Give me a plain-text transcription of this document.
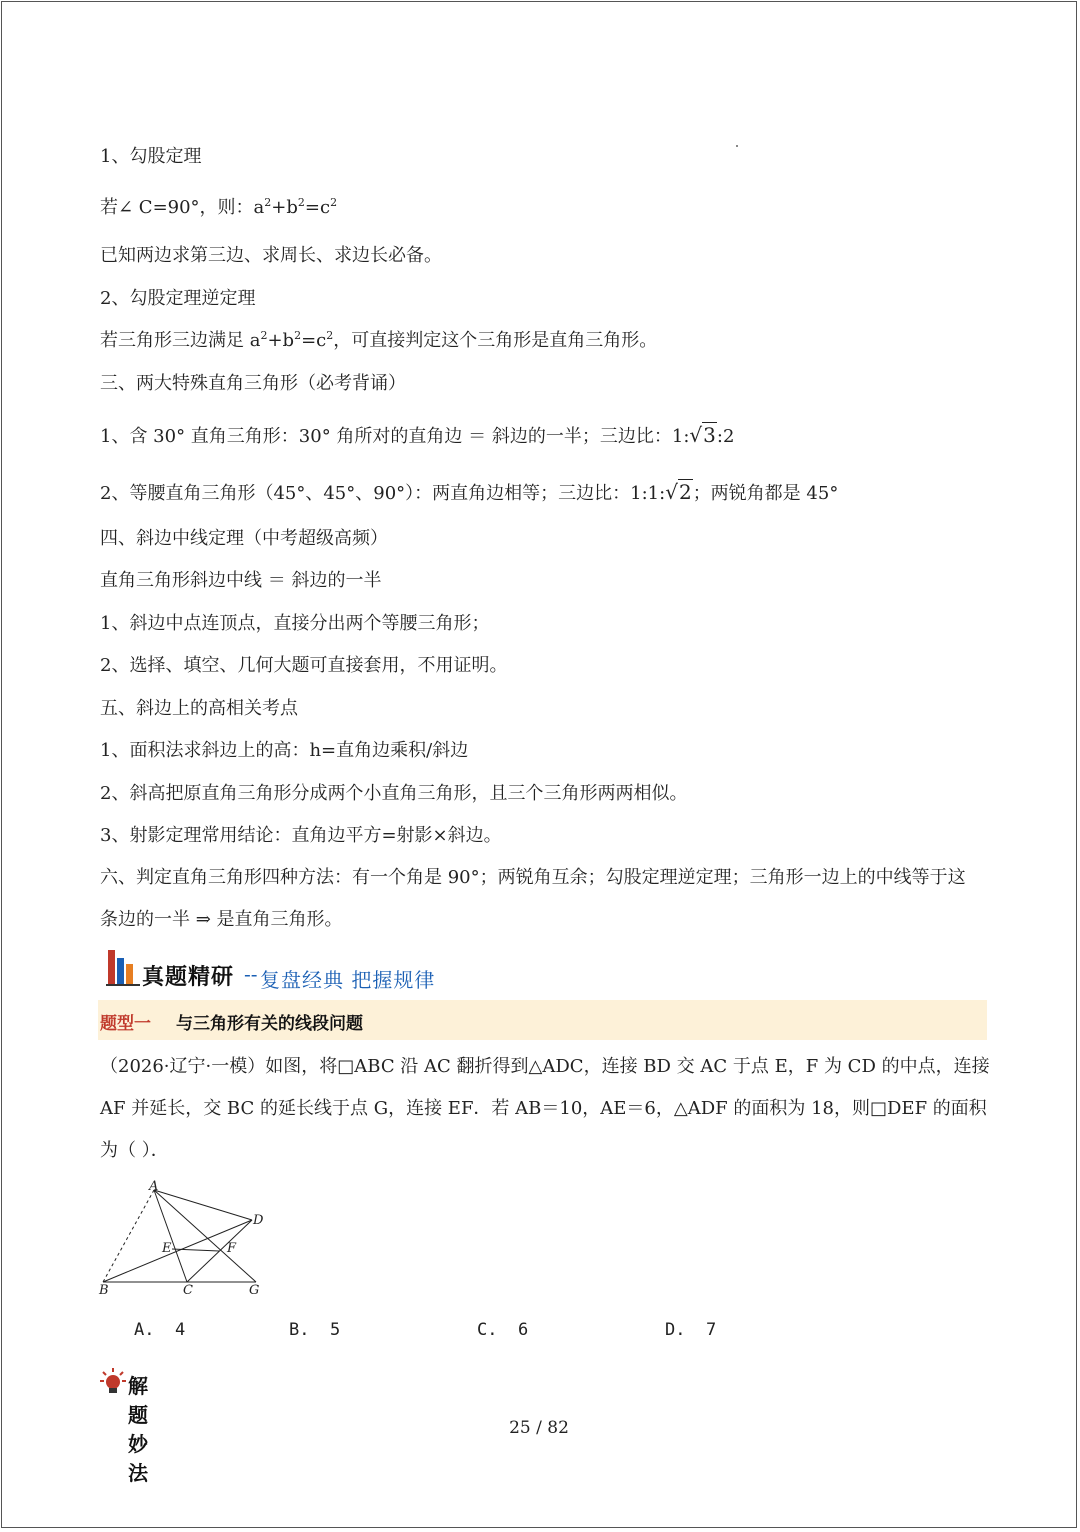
1、勾股定理
若∠ C=90°，则：$a^2+b^2=c^2$
已知两边求第三边、求周长、求边长必备。
2、勾股定理逆定理
若三角形三边满足 $a^2+b^2=c^2$，可直接判定这个三角形是直角三角形。
三、两大特殊直角三角形（必考背诵）
1、含 30° 直角三角形：30° 角所对的直角边 ＝ 斜边的一半；三边比：1:√3:2
2、等腰直角三角形（45°、45°、90°）：两直角边相等；三边比：1:1:√2；两锐角都是 45°
四、斜边中线定理（中考超级高频）
直角三角形斜边中线 ＝ 斜边的一半
1、斜边中点连顶点，直接分出两个等腰三角形；
2、选择、填空、几何大题可直接套用，不用证明。
五、斜边上的高相关考点
1、面积法求斜边上的高：h=直角边乘积/斜边
2、斜高把原直角三角形分成两个小直角三角形，且三个三角形两两相似。
3、射影定理常用结论：直角边平方=射影×斜边。
六、判定直角三角形四种方法：有一个角是 90°；两锐角互余；勾股定理逆定理；三角形一边上的中线等于这条边的一半 ⇒ 是直角三角形。
真题精研 -- 复盘经典 把握规律
题型一 与三角形有关的线段问题
（2026·辽宁·一模）如图，将□ABC 沿 AC 翻折得到△ADC，连接 BD 交 AC 于点 E，F 为 CD 的中点，连接 AF 并延长，交 BC 的延长线于点 G，连接 EF．若 AB＝10，AE＝6，△ADF 的面积为 18，则□DEF 的面积为（ ）．
A
B	C
D
E	F
G
A. 4	B. 5	C. 6	D. 7
解题妙法
25 / 82
